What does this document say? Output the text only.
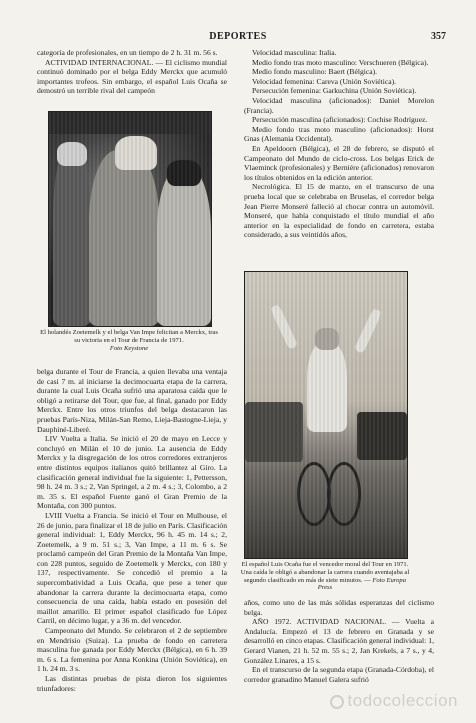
DEPORTES	357

categoría de profesionales, en un tiempo de 2 h. 31 m. 56 s.

ACTIVIDAD INTERNACIONAL. — El ciclismo mundial continuó dominado por el belga Eddy Merckx que acumuló importantes trofeos. Sin embargo, el español Luis Ocaña se demostró un terrible rival del campeón

El holandés Zoetemelk y el belga Van Impe felicitan a Merckx, tras su victoria en el Tour de Francia de 1971.
Foto Keystone

belga durante el Tour de Francia, a quien llevaba una ventaja de casi 7 m. al iniciarse la decimocuarta etapa de la carrera, durante la cual Luis Ocaña sufrió una aparatosa caída que le obligó a retirarse del Tour, que fue, al final, ganado por Eddy Merckx. Entre los otros triunfos del belga destacaron las pruebas París-Niza, Milán-San Remo, Lieja-Bastogne-Lieja, y Dauphiné-Liberé.

LIV Vuelta a Italia. Se inició el 20 de mayo en Lecce y concluyó en Milán el 10 de junio. La ausencia de Eddy Merckx y la disgregación de los otros corredores extranjeros entre distintos equipos italianos quitó brillantez al Giro. La clasificación general individual fue la siguiente: 1, Pettersson, 98 h. 24 m. 3 s.; 2, Van Springel, a 2 m. 4 s.; 3, Colombo, a 2 m. 35 s. El español Fuente ganó el Gran Premio de la Montaña, con 300 puntos.

LVIII Vuelta a Francia. Se inició el Tour en Mulhouse, el 26 de junio, para finalizar el 18 de julio en París. Clasificación general individual: 1, Eddy Merckx, 96 h. 45 m. 14 s.; 2, Zoetemelk, a 9 m. 51 s.; 3, Van Impe, a 11 m. 6 s. Se proclamó campeón del Gran Premio de la Montaña Van Impe, con 228 puntos, seguido de Zoetemelk y Merckx, con 180 y 137, respectivamente. Se concedió el premio a la supercombatividad a Luis Ocaña, que pese a tener que abandonar la carrera durante la decimocuarta etapa, como consecuencia de una caída, había estado en posesión del maillot amarillo. El primer español clasificado fue López Carril, en décimo lugar, y a 36 m. del vencedor.

Campeonato del Mundo. Se celebraron el 2 de septiembre en Mendrisio (Suiza). La prueba de fondo en carretera masculina fue ganada por Eddy Merckx (Bélgica), en 6 h. 39 m. 6 s. La femenina por Anna Konkina (Unión Soviética), en 1 h. 24 m. 3 s.

Las distintas pruebas de pista dieron los siguientes triunfadores:

Velocidad masculina: Italia.

Medio fondo tras moto masculino: Verschueren (Bélgica).

Medio fondo masculino: Baert (Bélgica).

Velocidad femenina: Careva (Unión Soviética).

Persecución femenina: Garkuchina (Unión Soviética).

Velocidad masculina (aficionados): Daniel Morelon (Francia).

Persecución masculina (aficionados): Cochise Rodríguez.

Medio fondo tras moto masculino (aficionados): Horst Gnas (Alemania Occidental).

En Apeldoorn (Bélgica), el 28 de febrero, se disputó el Campeonato del Mundo de ciclo-cross. Los belgas Erick de Vlaeminck (profesionales) y Berniére (aficionados) renovaron los títulos obtenidos en la edición anterior.

Necrológica. El 15 de marzo, en el transcurso de una prueba local que se celebraba en Bruselas, el corredor belga Jean Pierre Monseré falleció al chocar contra un automóvil. Monseré, que había conquistado el título mundial el año anterior en la especialidad de fondo en carretera, estaba considerado, a sus veintidós años,

El español Luis Ocaña fue el vencedor moral del Tour en 1971. Una caída le obligó a abandonar la carrera cuando aventajaba al segundo clasificado en más de siete minutos. — Foto Europa Press

años, como uno de las más sólidas esperanzas del ciclismo belga.

AÑO 1972. ACTIVIDAD NACIONAL. — Vuelta a Andalucía. Empezó el 13 de febrero en Granada y se desarrolló en cinco etapas. Clasificación general individual: 1, Gerard Vianen, 21 h. 52 m. 55 s.; 2, Jan Krekels, a 7 s., y 4, González Linares, a 15 s.

En el transcurso de la segunda etapa (Granada-Córdoba), el corredor granadino Manuel Galera sufrió

todocoleccion
